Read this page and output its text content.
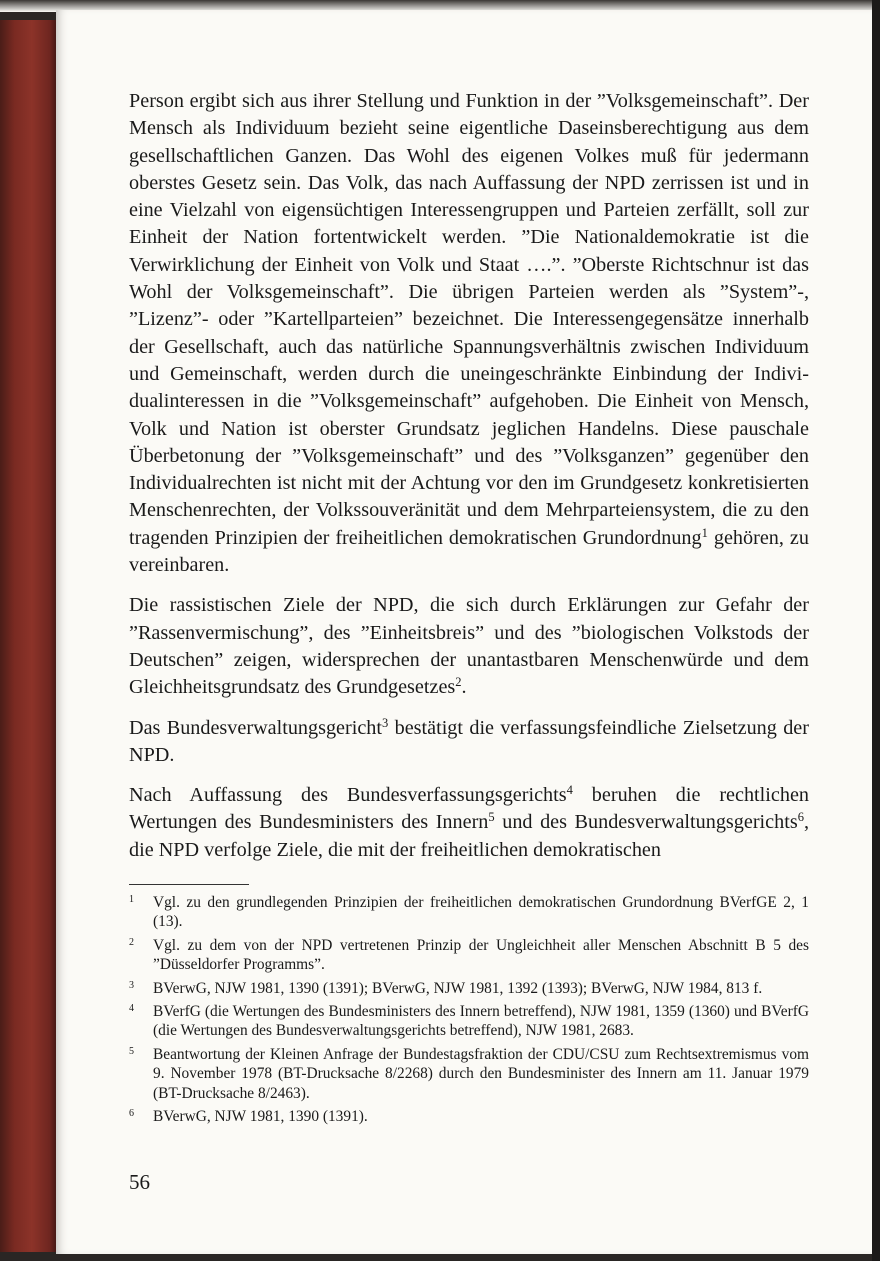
Person ergibt sich aus ihrer Stellung und Funktion in der ”Volksgemeinschaft”. Der Mensch als Individuum bezieht seine eigentliche Daseinsberechtigung aus dem gesellschaftlichen Ganzen. Das Wohl des eigenen Volkes muß für jedermann oberstes Gesetz sein. Das Volk, das nach Auffassung der NPD zerrissen ist und in eine Vielzahl von eigensüchtigen Interessengruppen und Parteien zerfällt, soll zur Einheit der Nation fortentwickelt werden. ”Die Nationaldemokratie ist die Verwirklichung der Einheit von Volk und Staat ….”. ”Oberste Richtschnur ist das Wohl der Volksgemeinschaft”. Die übrigen Parteien werden als ”System”-, ”Lizenz”- oder ”Kartellparteien” bezeichnet. Die Interessengegensätze innerhalb der Gesellschaft, auch das natürliche Spannungsverhältnis zwischen Individuum und Gemeinschaft, werden durch die uneingeschränkte Einbindung der Individualinteressen in die ”Volksgemeinschaft” aufgehoben. Die Einheit von Mensch, Volk und Nation ist oberster Grundsatz jeglichen Handelns. Diese pauschale Überbetonung der ”Volksgemeinschaft” und des ”Volksganzen” gegenüber den Individualrechten ist nicht mit der Achtung vor den im Grundgesetz konkretisierten Menschenrechten, der Volkssouveränität und dem Mehrparteiensystem, die zu den tragenden Prinzipien der freiheitlichen demokratischen Grundordnung$^1$ gehören, zu vereinbaren.

Die rassistischen Ziele der NPD, die sich durch Erklärungen zur Gefahr der ”Rassenvermischung”, des ”Einheitsbreis” und des ”biologischen Volkstods der Deutschen” zeigen, widersprechen der unantastbaren Menschenwürde und dem Gleichheitsgrundsatz des Grundgesetzes$^2$.

Das Bundesverwaltungsgericht$^3$ bestätigt die verfassungsfeindliche Zielsetzung der NPD.

Nach Auffassung des Bundesverfassungsgerichts$^4$ beruhen die rechtlichen Wertungen des Bundesministers des Innern$^5$ und des Bundesverwaltungsgerichts$^6$, die NPD verfolge Ziele, die mit der freiheitlichen demokratischen

1 Vgl. zu den grundlegenden Prinzipien der freiheitlichen demokratischen Grundordnung BVerfGE 2, 1 (13).
2 Vgl. zu dem von der NPD vertretenen Prinzip der Ungleichheit aller Menschen Abschnitt B 5 des ”Düsseldorfer Programms”.
3 BVerwG, NJW 1981, 1390 (1391); BVerwG, NJW 1981, 1392 (1393); BVerwG, NJW 1984, 813 f.
4 BVerfG (die Wertungen des Bundesministers des Innern betreffend), NJW 1981, 1359 (1360) und BVerfG (die Wertungen des Bundesverwaltungsgerichts betreffend), NJW 1981, 2683.
5 Beantwortung der Kleinen Anfrage der Bundestagsfraktion der CDU/CSU zum Rechtsextremismus vom 9. November 1978 (BT-Drucksache 8/2268) durch den Bundesminister des Innern am 11. Januar 1979 (BT-Drucksache 8/2463).
6 BVerwG, NJW 1981, 1390 (1391).
56
